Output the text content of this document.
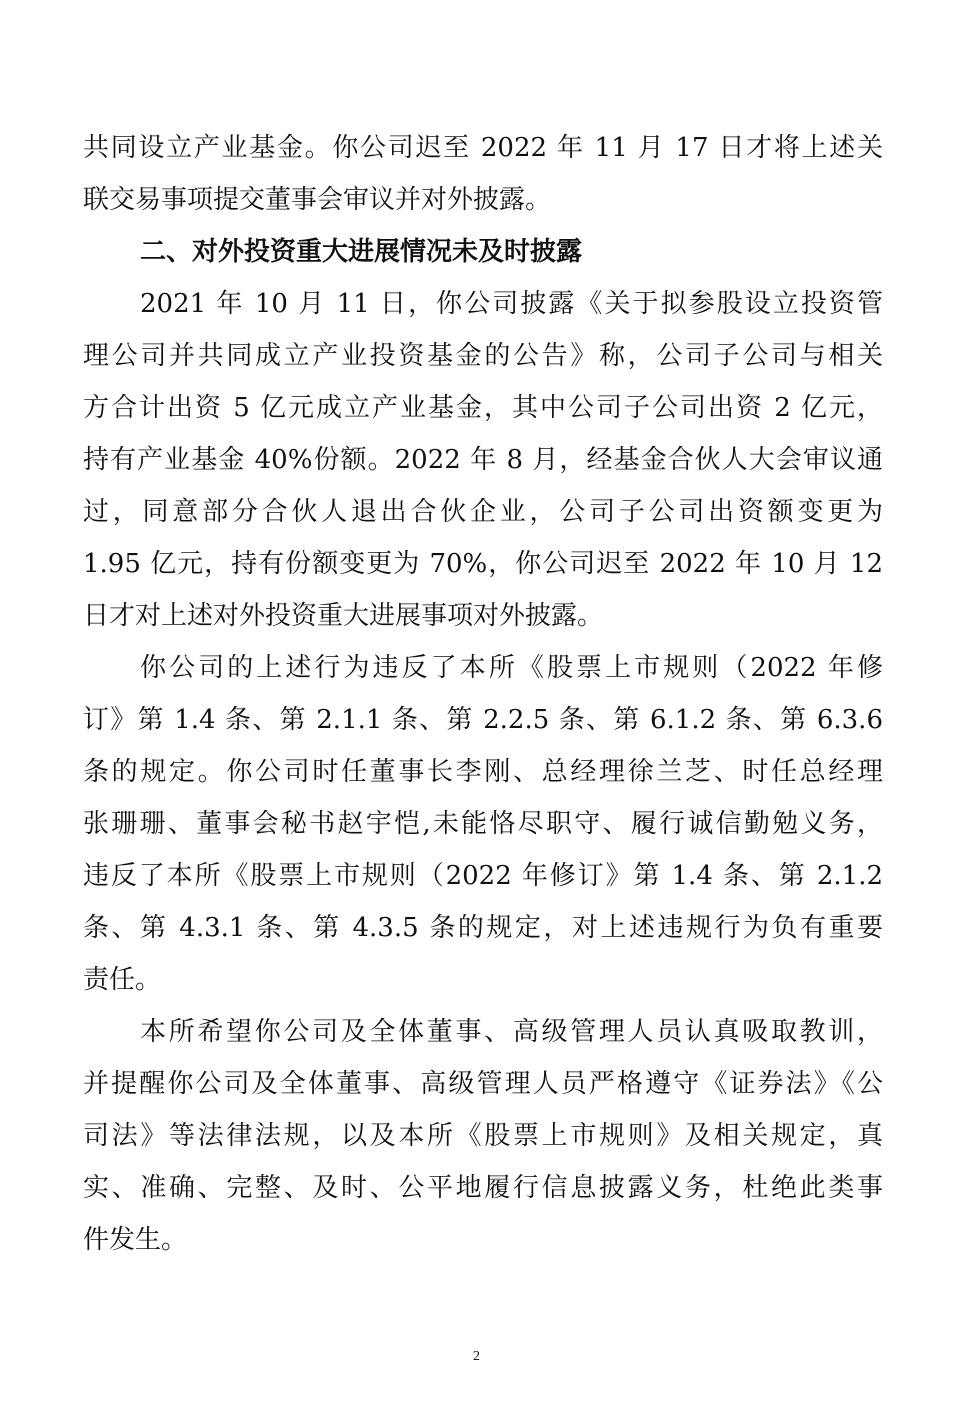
共同设立产业基金。你公司迟至 2022 年 11 月 17 日才将上述关
联交易事项提交董事会审议并对外披露。
二、对外投资重大进展情况未及时披露
2021 年 10 月 11 日，你公司披露《关于拟参股设立投资管
理公司并共同成立产业投资基金的公告》称，公司子公司与相关
方合计出资 5 亿元成立产业基金，其中公司子公司出资 2 亿元，
持有产业基金 40%份额。2022 年 8 月，经基金合伙人大会审议通
过，同意部分合伙人退出合伙企业，公司子公司出资额变更为
1.95 亿元，持有份额变更为 70%，你公司迟至 2022 年 10 月 12
日才对上述对外投资重大进展事项对外披露。
你公司的上述行为违反了本所《股票上市规则（2022 年修
订》第 1.4 条、第 2.1.1 条、第 2.2.5 条、第 6.1.2 条、第 6.3.6
条的规定。你公司时任董事长李刚、总经理徐兰芝、时任总经理
张珊珊、董事会秘书赵宇恺,未能恪尽职守、履行诚信勤勉义务，
违反了本所《股票上市规则（2022 年修订》第 1.4 条、第 2.1.2
条、第 4.3.1 条、第 4.3.5 条的规定，对上述违规行为负有重要
责任。
本所希望你公司及全体董事、高级管理人员认真吸取教训，
并提醒你公司及全体董事、高级管理人员严格遵守《证券法》《公
司法》等法律法规，以及本所《股票上市规则》及相关规定，真
实、准确、完整、及时、公平地履行信息披露义务，杜绝此类事
件发生。
2
